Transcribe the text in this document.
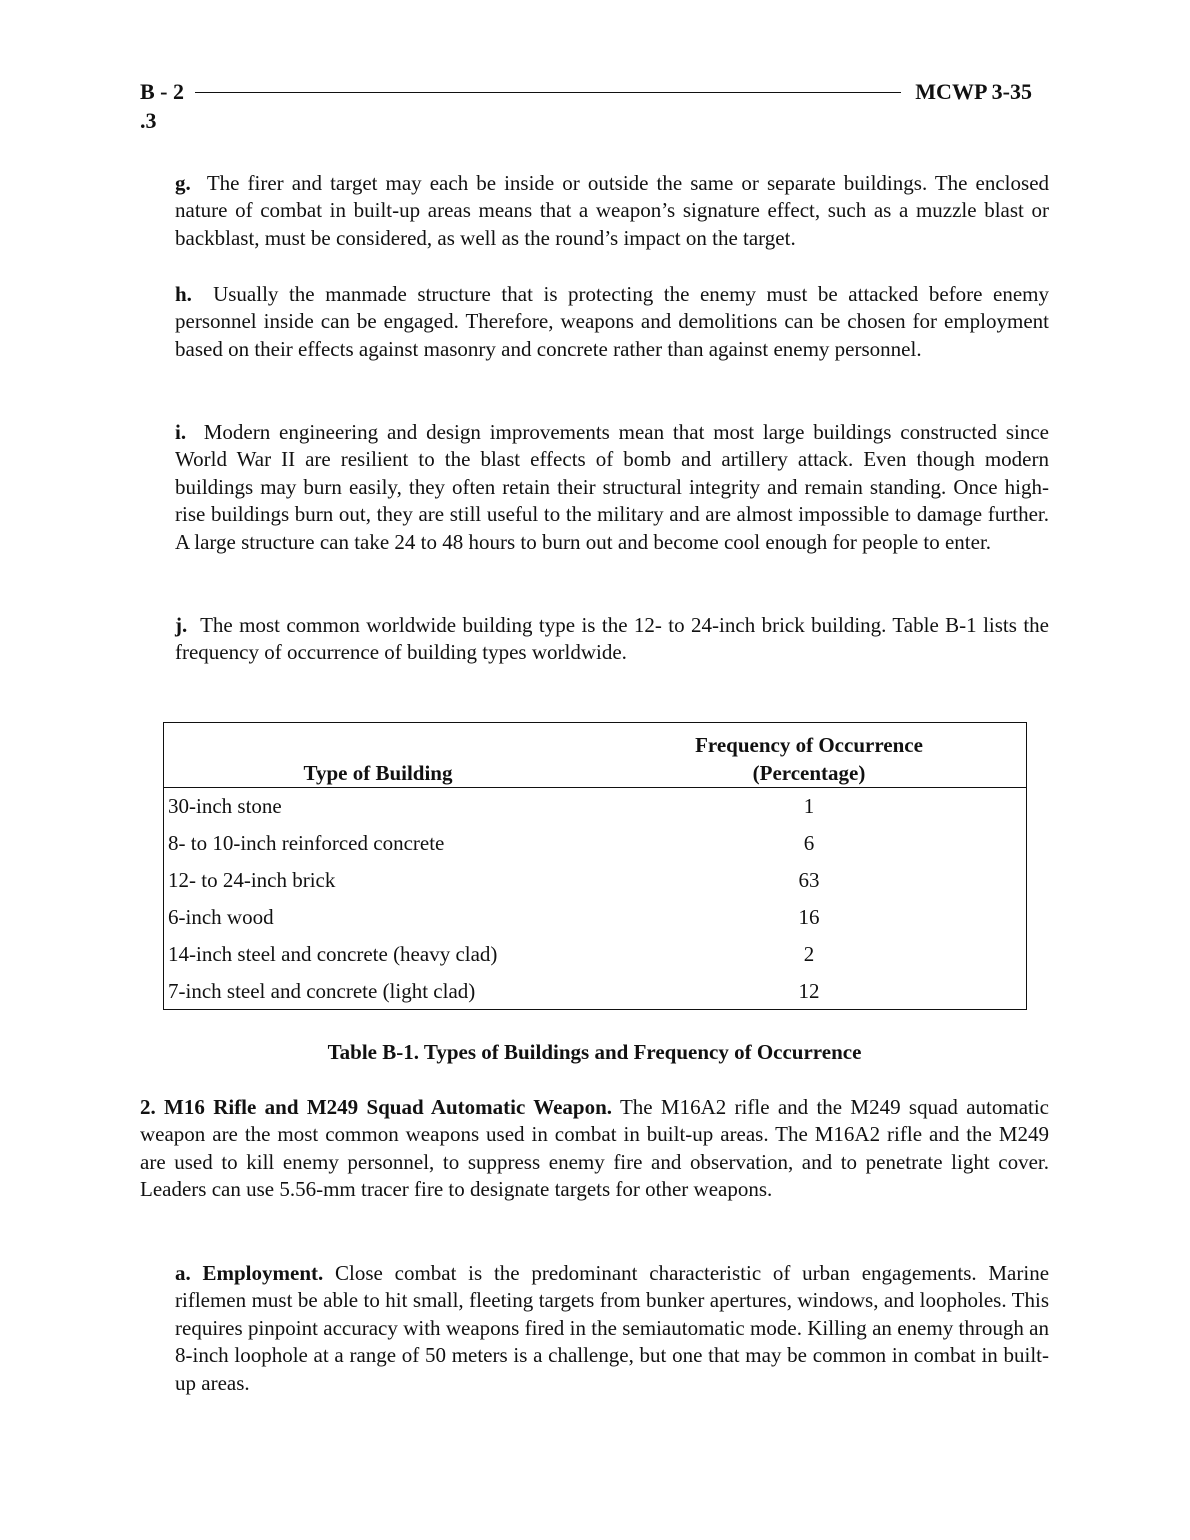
B - 2	MCWP 3-35
.3
g. The firer and target may each be inside or outside the same or separate buildings. The enclosed nature of combat in built-up areas means that a weapon’s signature effect, such as a muzzle blast or backblast, must be considered, as well as the round’s impact on the target.
h. Usually the manmade structure that is protecting the enemy must be attacked before enemy personnel inside can be engaged. Therefore, weapons and demolitions can be chosen for employment based on their effects against masonry and concrete rather than against enemy personnel.
i. Modern engineering and design improvements mean that most large buildings constructed since World War II are resilient to the blast effects of bomb and artillery attack. Even though modern buildings may burn easily, they often retain their structural integrity and remain standing. Once high-rise buildings burn out, they are still useful to the military and are almost impossible to damage further. A large structure can take 24 to 48 hours to burn out and become cool enough for people to enter.
j. The most common worldwide building type is the 12- to 24-inch brick building. Table B-1 lists the frequency of occurrence of building types worldwide.
Type of Building	Frequency of Occurrence
(Percentage)

30-inch stone	1
8- to 10-inch reinforced concrete	6
12- to 24-inch brick	63
6-inch wood	16
14-inch steel and concrete (heavy clad)	2
7-inch steel and concrete (light clad)	12
Table B-1. Types of Buildings and Frequency of Occurrence
2. M16 Rifle and M249 Squad Automatic Weapon. The M16A2 rifle and the M249 squad automatic weapon are the most common weapons used in combat in built-up areas. The M16A2 rifle and the M249 are used to kill enemy personnel, to suppress enemy fire and observation, and to penetrate light cover. Leaders can use 5.56-mm tracer fire to designate targets for other weapons.
a. Employment. Close combat is the predominant characteristic of urban engagements. Marine riflemen must be able to hit small, fleeting targets from bunker apertures, windows, and loopholes. This requires pinpoint accuracy with weapons fired in the semiautomatic mode. Killing an enemy through an 8-inch loophole at a range of 50 meters is a challenge, but one that may be common in combat in built-up areas.
